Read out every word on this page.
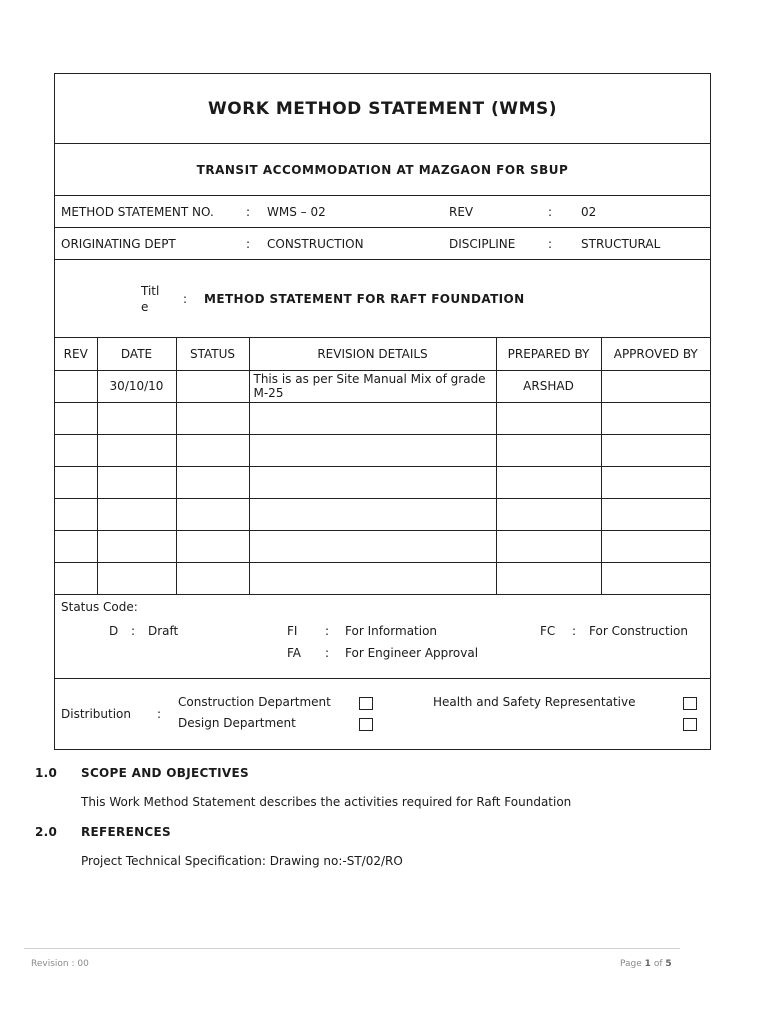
WORK METHOD STATEMENT (WMS)
TRANSIT ACCOMMODATION AT MAZGAON FOR SBUP
METHOD STATEMENT NO.	: WMS – 02	REV	: 02
ORIGINATING DEPT	: CONSTRUCTION	DISCIPLINE	: STRUCTURAL
Titl
e
: METHOD STATEMENT FOR RAFT FOUNDATION
REV	DATE	STATUS	REVISION DETAILS	PREPARED BY	APPROVED BY
	30/10/10		This is as per Site Manual Mix of grade M-25	ARSHAD	

Status Code:
D : Draft	FI : For Information	FC : For Construction
FA : For Engineer Approval
Distribution :
Construction Department
Design Department
Health and Safety Representative
1.0 SCOPE AND OBJECTIVES
This Work Method Statement describes the activities required for Raft Foundation
2.0 REFERENCES
Project Technical Specification: Drawing no:-ST/02/RO
Revision : 00	Page 1 of 5
